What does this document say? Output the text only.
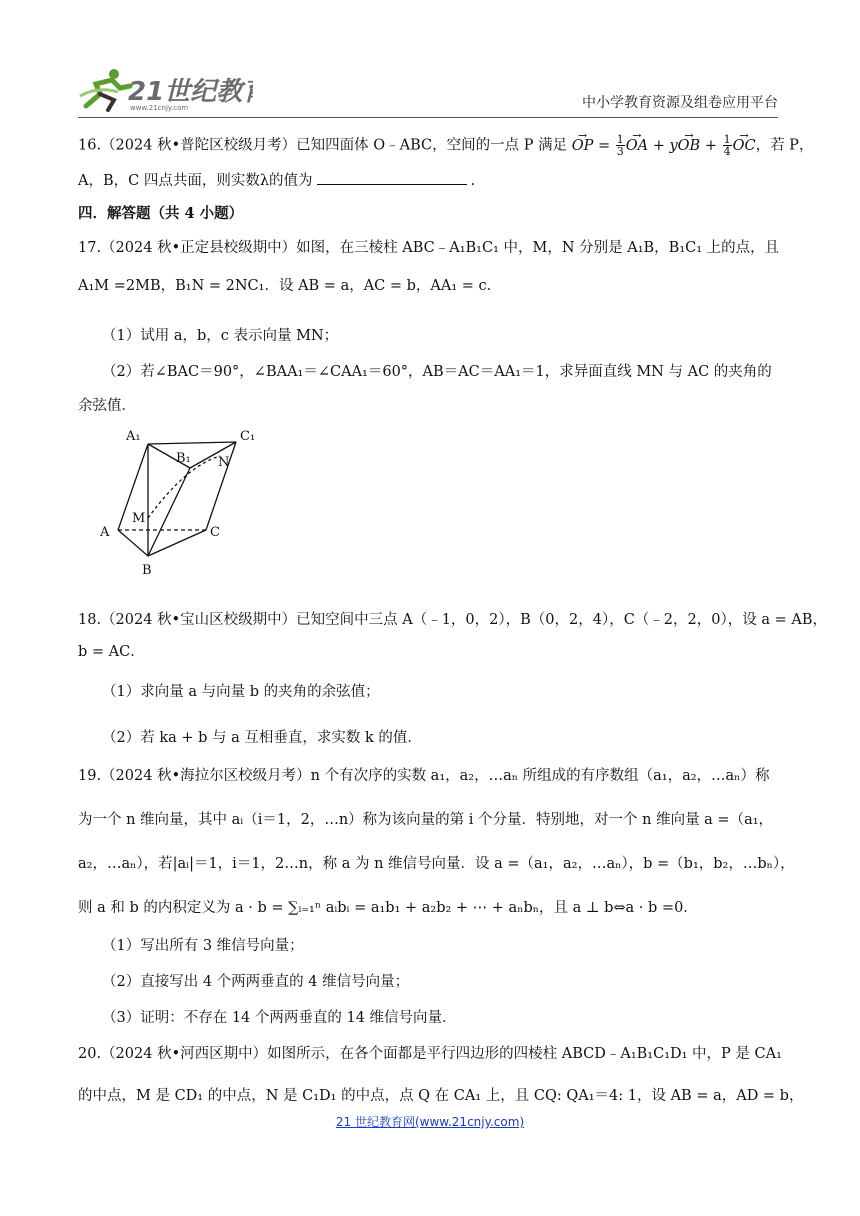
21世纪教
www.21cnjy.com	中小学教育资源及组卷应用平台
16.（2024 秋•普陀区校级月考）已知四面体 O﹣ABC，空间的一点 P 满足 → OP = $\frac{1}{3}$ → OA + y→ OB + $\frac{1}{4}$ → OC，若 P，
A，B，C 四点共面，则实数λ的值为	.
四．解答题（共 4 小题）
17.（2024 秋•正定县校级期中）如图，在三棱柱 ABC﹣A₁B₁C₁ 中，M，N 分别是 A₁B，B₁C₁ 上的点，且
A₁M =2MB，B₁N = 2NC₁．设 AB = a，AC = b，AA₁ = c．
（1）试用 a，b，c 表示向量 MN；
（2）若∠BAC＝90°，∠BAA₁＝∠CAA₁＝60°，AB＝AC＝AA₁＝1，求异面直线 MN 与 AC 的夹角的
余弦值．
18.（2024 秋•宝山区校级期中）已知空间中三点 A（﹣1，0，2），B（0，2，4），C（﹣2，2，0），设 a = AB，
b = AC．
（1）求向量 a 与向量 b 的夹角的余弦值；
（2）若 ka + b 与 a 互相垂直，求实数 k 的值．
19.（2024 秋•海拉尔区校级月考）n 个有次序的实数 a₁，a₂，…aₙ 所组成的有序数组（a₁，a₂，…aₙ）称
为一个 n 维向量，其中 aᵢ（i＝1，2，…n）称为该向量的第 i 个分量．特别地，对一个 n 维向量 a =（a₁，
a₂，…aₙ），若|aᵢ|＝1，i＝1，2…n，称 a 为 n 维信号向量．设 a =（a₁，a₂，…aₙ），b =（b₁，b₂，…bₙ），
则 a 和 b 的内积定义为 a · b = ∑ᵢ₌₁ⁿ aᵢbᵢ = a₁b₁ + a₂b₂ + ⋯ + aₙbₙ，且 a ⊥ b⇔a · b =0．
（1）写出所有 3 维信号向量；
（2）直接写出 4 个两两垂直的 4 维信号向量；
（3）证明：不存在 14 个两两垂直的 14 维信号向量．
20.（2024 秋•河西区期中）如图所示，在各个面都是平行四边形的四棱柱 ABCD﹣A₁B₁C₁D₁ 中，P 是 CA₁
的中点，M 是 CD₁ 的中点，N 是 C₁D₁ 的中点，点 Q 在 CA₁ 上，且 CQ: QA₁＝4: 1，设 AB = a，AD = b，
A₁
B₁
C₁
N
M
A
B
C
21 世纪教育网(www.21cnjy.com)
